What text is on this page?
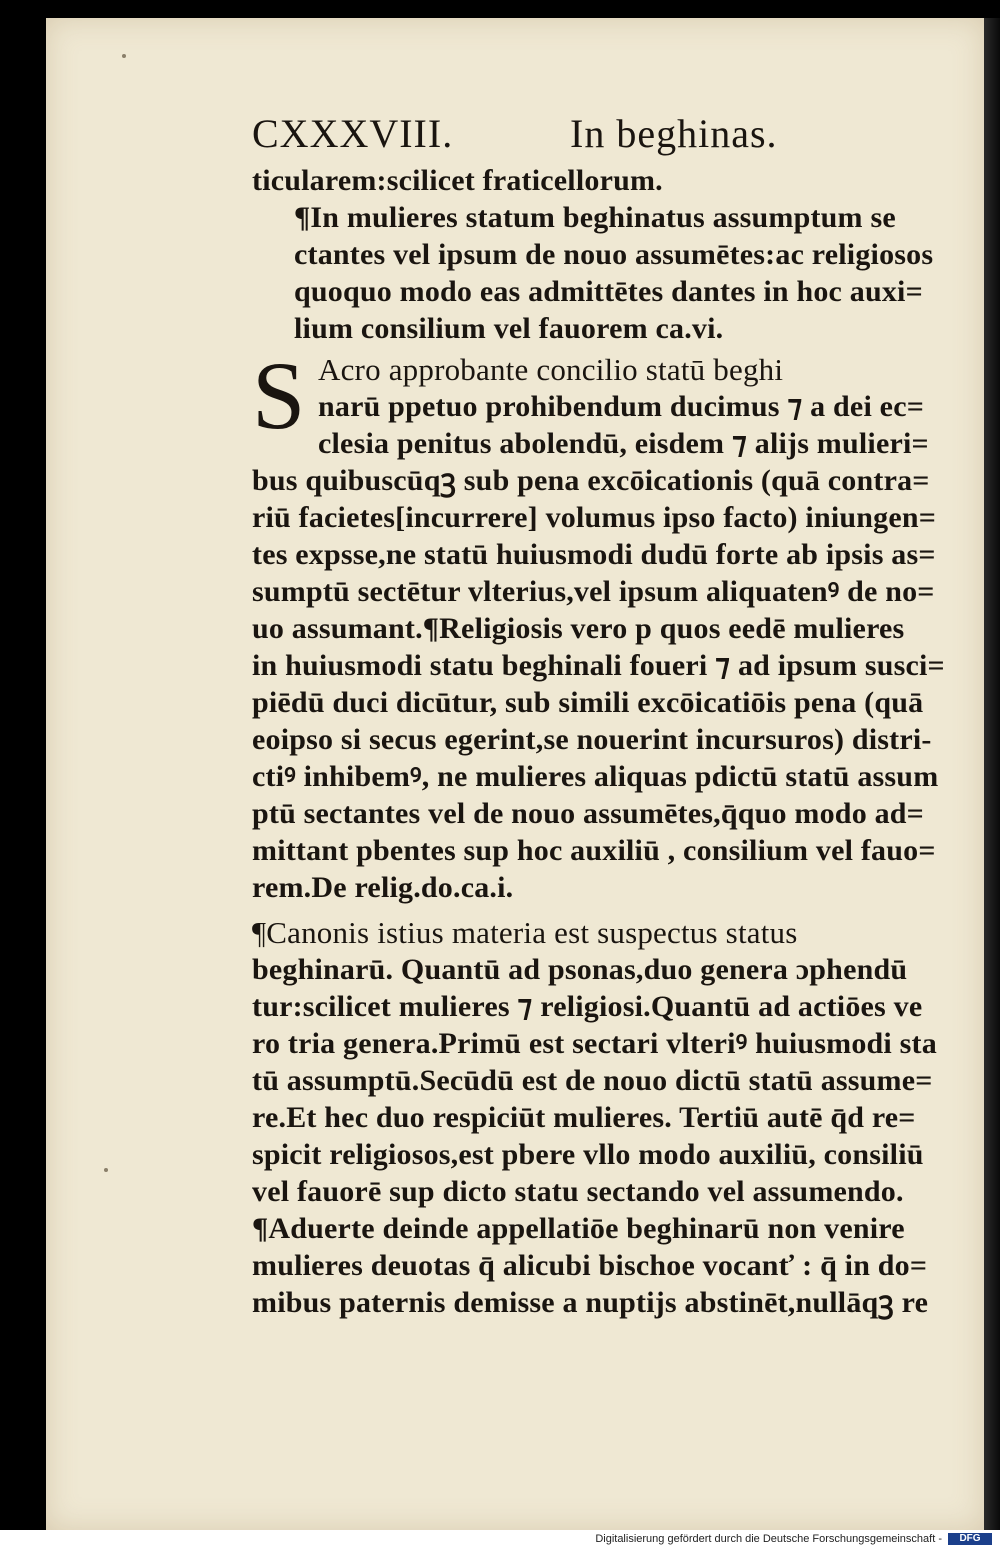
CXXXVIII.	In beghinas.
ticularem:scilicet fraticellorum.
¶In mulieres statum beghinatus assumptum se
ctantes vel ipsum de nouo assumētes:ac religiosos
quoquo modo eas admittētes dantes in hoc auxi=
lium consilium vel fauorem ca.vi.
S Acro approbante concilio statū beghi
narū ppetuo prohibendum ducimus ⁊ a dei ec=
clesia penitus abolendū, eisdem ⁊ alijs mulieri=
bus quibuscūqꝫ sub pena excōicationis (quā contra=
riū facietes[incurrere] volumus ipso facto) iniungen=
tes expsse,ne statū huiusmodi dudū forte ab ipsis as=
sumptū sectētur vlterius,vel ipsum aliquatenꝰ de no=
uo assumant.¶Religiosis vero p quos eedē mulieres
in huiusmodi statu beghinali foueri ⁊ ad ipsum susci=
piēdū duci dicūtur, sub simili excōicatiōis pena (quā
eoipso si secus egerint,se nouerint incursuros) distri-
ctiꝰ inhibemꝰ, ne mulieres aliquas pdictū statū assum
ptū sectantes vel de nouo assumētes,q̄quo modo ad=
mittant pbentes sup hoc auxiliū , consilium vel fauo=
rem.De relig.do.ca.i.
¶Canonis istius materia est suspectus status
beghinarū. Quantū ad psonas,duo genera ɔphendū
tur:scilicet mulieres ⁊ religiosi.Quantū ad actiōes ve
ro tria genera.Primū est sectari vlteriꝰ huiusmodi sta
tū assumptū.Secūdū est de nouo dictū statū assume=
re.Et hec duo respiciūt mulieres. Tertiū autē q̄d re=
spicit religiosos,est pbere vllo modo auxiliū, consiliū
vel fauorē sup dicto statu sectando vel assumendo.
¶Aduerte deinde appellatiōe beghinarū non venire
mulieres deuotas q̄ alicubi bischoe vocanť : q̄ in do=
mibus paternis demisse a nuptijs abstinēt,nullāqꝫ re
Digitalisierung gefördert durch die Deutsche Forschungsgemeinschaft -	DFG
